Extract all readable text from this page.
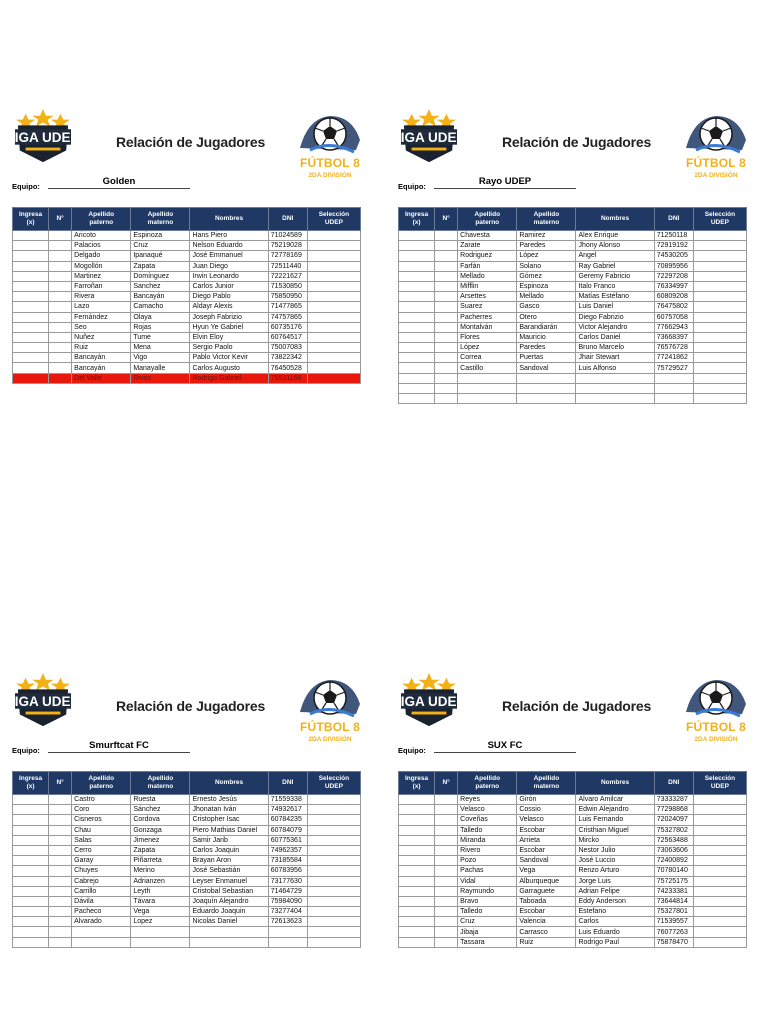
LIGA UDEP	Relación de Jugadores
FÚTBOL 8
2DA DIVISIÓN
Equipo:	Golden
Ingresa
(x)	N°	Apellido
paterno	Apellido
materno	Nombres	DNI	Selección
UDEP
		Aricoto	Espinoza	Hans Piero	71024589	
		Palacios	Cruz	Nelson Eduardo	75219028	
		Delgado	Ipanaqué	José Emmanuel	72778169	
		Mogollón	Zapata	Juan Diego	72511440	
		Martinez	Domínguez	Irwin Leonardo	72221627	
		Farroñan	Sanchez	Carlos Junior	71530850	
		Rivera	Bancayán	Diego Pablo	75850950	
		Lazo	Camacho	Aldayr Alexis	71477865	
		Fernández	Olaya	Joseph Fabrizio	74757865	
		Seo	Rojas	Hyun Ye Gabriel	60735176	
		Nuñez	Tume	Elvin Eloy	60764517	
		Ruiz	Mena	Sergio Paolo	75007083	
		Bancayán	Vigo	Pablo Victor Kevir	73822342	
		Bancayán	Manayalle	Carlos Augusto	76450528	
		Del Valle	Rivas	Rodrigo Gabriel	75531168	
LIGA UDEP	Relación de Jugadores
FÚTBOL 8
2DA DIVISIÓN
Equipo:	Rayo UDEP
Ingresa
(x)	N°	Apellido
paterno	Apellido
materno	Nombres	DNI	Selección
UDEP
		Chavesta	Ramirez	Alex Enrique	71250118	
		Zarate	Paredes	Jhony Alonso	72919192	
		Rodriguez	López	Angel	74530205	
		Farfán	Solano	Ray Gabriel	70895956	
		Mellado	Gómez	Geremy Fabricio	72297208	
		Mifflin	Espinoza	Italo Franco	76334997	
		Arsettes	Mellado	Matías Estéfano	60809208	
		Suarez	Gasco	Luis Daniel	76475802	
		Pacherres	Otero	Diego Fabrizio	60757058	
		Montalván	Barandiarán	Victor Alejandro	77662943	
		Flores	Mauricio	Carlos Daniel	73668397	
		López	Paredes	Bruno Marcelo	76576728	
		Correa	Puertas	Jhair Stewart	77241862	
		Castillo	Sandoval	Luis Alfonso	75729527	

LIGA UDEP	Relación de Jugadores
FÚTBOL 8
2DA DIVISIÓN
Equipo:	Smurftcat FC
Ingresa
(x)	N°	Apellido
paterno	Apellido
materno	Nombres	DNI	Selección
UDEP
		Castro	Ruesta	Ernesto Jesús	71559338	
		Coro	Sánchez	Jhonatan Iván	74932617	
		Cisneros	Cordova	Cristopher Isac	60784235	
		Chau	Gonzaga	Piero Mathias Daniel	60784079	
		Salas	Jimenez	Samir Jarib	60775361	
		Cerro	Zapata	Carlos Joaquin	74962357	
		Garay	Piñarreta	Brayan Aron	73185584	
		Chuyes	Merino	José Sebastián	60783956	
		Cabrejo	Adrianzen	Leyser Enmanuel	73177630	
		Carrillo	Leyth	Cristobal Sebastian	71464729	
		Dávila	Távara	Joaquín Alejandro	75984090	
		Pacheco	Vega	Eduardo Joaquin	73277404	
		Alvarado	Lopez	Nicolas Daniel	72613623	

LIGA UDEP	Relación de Jugadores
FÚTBOL 8
2DA DIVISIÓN
Equipo:	SUX FC
Ingresa
(x)	N°	Apellido
paterno	Apellido
materno	Nombres	DNI	Selección
UDEP
		Reyes	Girón	Alvaro Amilcar	73333287	
		Velasco	Cossio	Edwin Alejandro	77298868	
		Coveñas	Velasco	Luis Fernando	72024097	
		Talledo	Escobar	Cristhian Miguel	75327802	
		Miranda	Arrieta	Mircko	72563488	
		Rivero	Escobar	Nestor Julio	73063606	
		Pozo	Sandoval	José Luccio	72400892	
		Pachas	Vega	Renzo Arturo	70780140	
		Vidal	Alburqueque	Jorge Luis	75725175	
		Raymundo	Garraguete	Adrian Felipe	74233381	
		Bravo	Taboada	Eddy Anderson	73644814	
		Talledo	Escobar	Estefano	75327801	
		Cruz	Valencia	Carlos	71539557	
		Jibaja	Carrasco	Luis Eduardo	76077263	
		Tassara	Ruiz	Rodrigo Paul	75878470	
